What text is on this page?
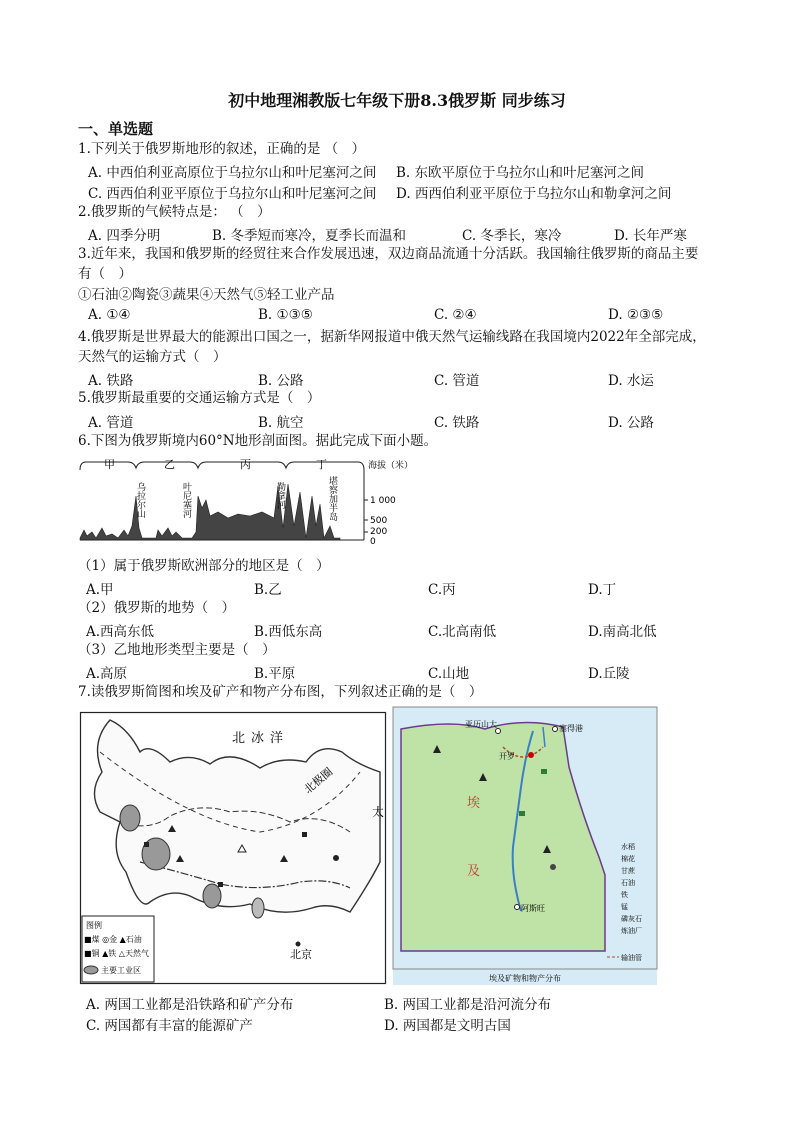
初中地理湘教版七年级下册8.3俄罗斯 同步练习
一、单选题
1.下列关于俄罗斯地形的叙述，正确的是 （　）
A. 中西伯利亚高原位于乌拉尔山和叶尼塞河之间 B. 东欧平原位于乌拉尔山和叶尼塞河之间
C. 西西伯利亚平原位于乌拉尔山和叶尼塞河之间 D. 西西伯利亚平原位于乌拉尔山和勒拿河之间
2.俄罗斯的气候特点是： （　）
A. 四季分明	B. 冬季短而寒冷，夏季长而温和	C. 冬季长，寒冷	D. 长年严寒
3.近年来，我国和俄罗斯的经贸往来合作发展迅速，双边商品流通十分活跃。我国输往俄罗斯的商品主要
有（　）
①石油②陶瓷③蔬果④天然气⑤轻工业产品
A. ①④	B. ①③⑤	C. ②④	D. ②③⑤
4.俄罗斯是世界最大的能源出口国之一，据新华网报道中俄天然气运输线路在我国境内2022年全部完成，
天然气的运输方式（　）
A. 铁路	B. 公路	C. 管道	D. 水运
5.俄罗斯最重要的交通运输方式是（　）
A. 管道	B. 航空	C. 铁路	D. 公路
6.下图为俄罗斯境内60°N地形剖面图。据此完成下面小题。
甲	乙	丙	丁
乌拉尔山	叶尼塞河	勒拿河	堪察加半岛
海拔（米）
1 000
500
200
0
（1）属于俄罗斯欧洲部分的地区是（　）
A.甲	B.乙	C.丙	D.丁
（2）俄罗斯的地势（　）
A.西高东低	B.西低东高	C.北高南低	D.南高北低
（3）乙地地形类型主要是（　）
A.高原	B.平原	C.山地	D.丘陵
7.读俄罗斯简图和埃及矿产和物产分布图，下列叙述正确的是（　）
北冰洋
北极圈
北京
太
图例
■煤 ◎金 ▲石油
■铜 ▲铁 △天然气
主要工业区
亚历山大	塞得港
开罗
阿斯旺
埃
及
水稻
棉花
甘蔗
石油
铁
锰
磷灰石
炼油厂
输油管
埃及矿物和物产分布
A. 两国工业都是沿铁路和矿产分布	B. 两国工业都是沿河流分布
C. 两国都有丰富的能源矿产	D. 两国都是文明古国
